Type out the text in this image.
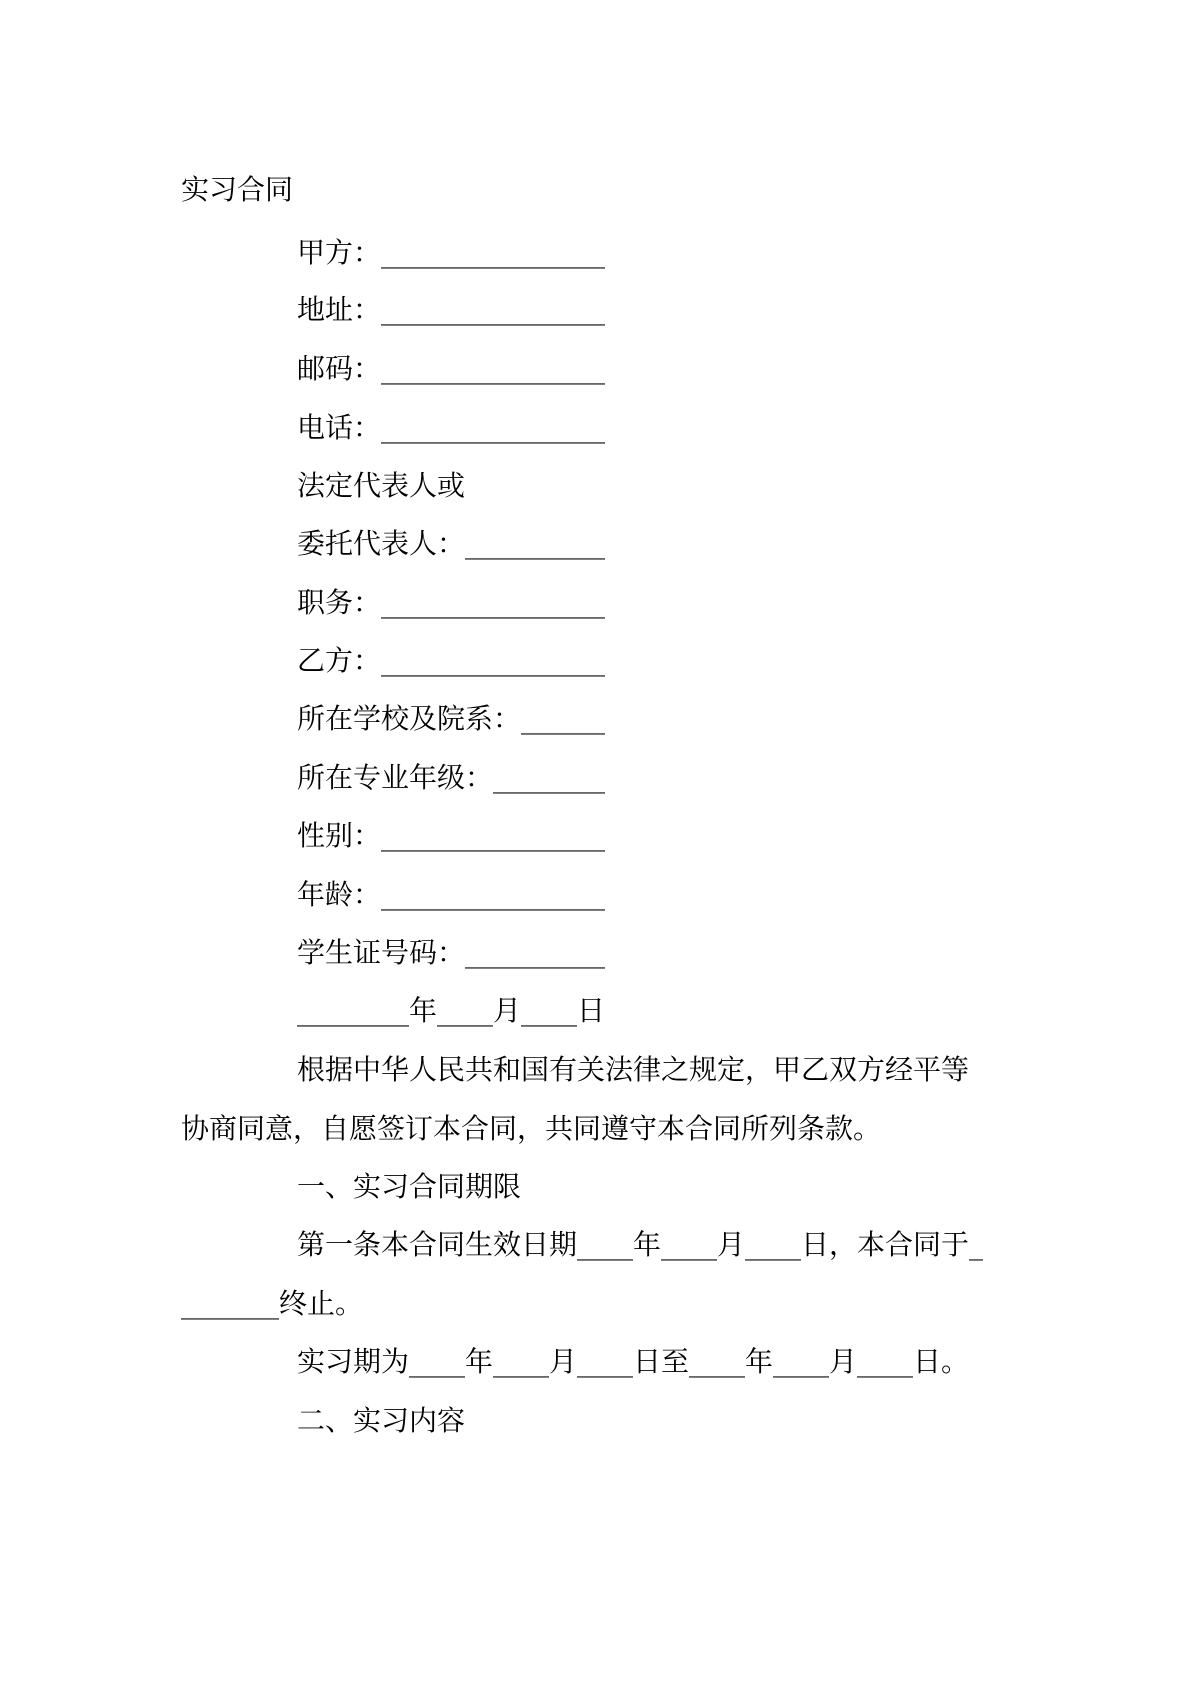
实习合同
甲方：________________
地址：________________
邮码：________________
电话：________________
法定代表人或
委托代表人：__________
职务：________________
乙方：________________
所在学校及院系：______
所在专业年级：________
性别：________________
年龄：________________
学生证号码：__________
________年____月____日
根据中华人民共和国有关法律之规定，甲乙双方经平等
协商同意，自愿签订本合同，共同遵守本合同所列条款。
一、实习合同期限
第一条本合同生效日期____年____月____日，本合同于_
_______终止。
实习期为____年____月____日至____年____月____日。
二、实习内容
